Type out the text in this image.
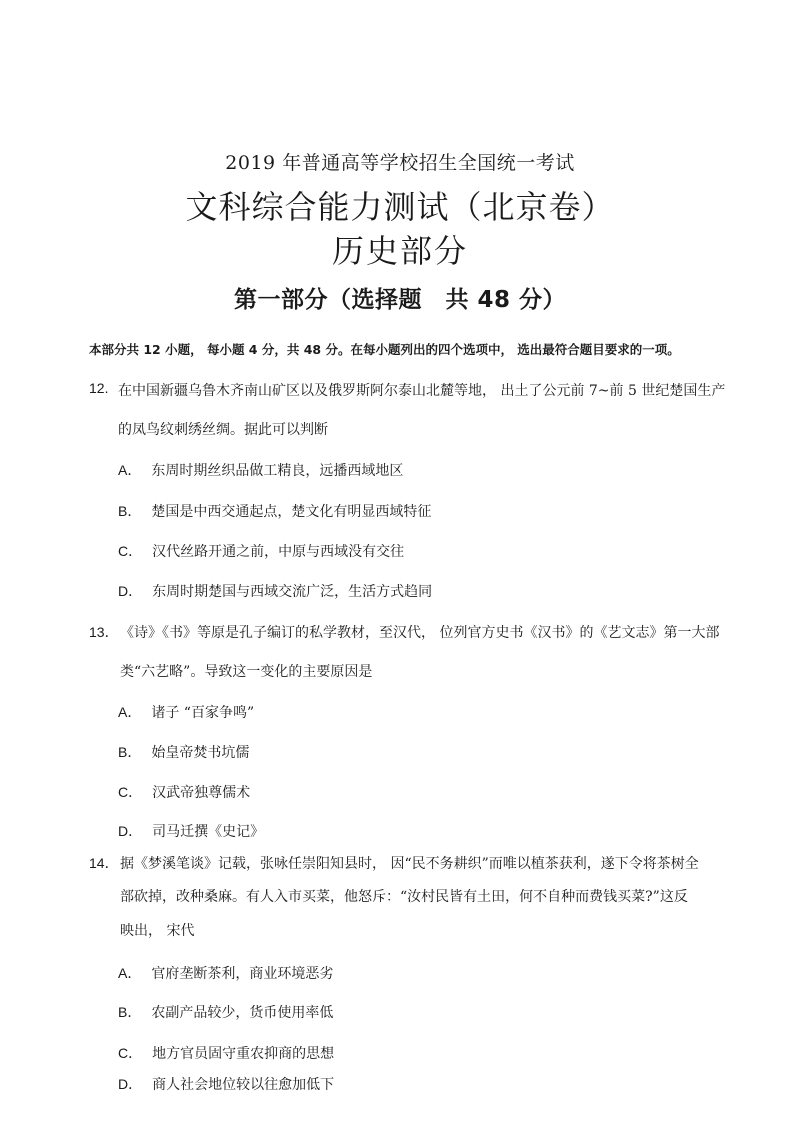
2019 年普通高等学校招生全国统一考试
文科综合能力测试（北京卷）
历史部分
第一部分（选择题　共 48 分）
本部分共 12 小题， 每小题 4 分，共 48 分。在每小题列出的四个选项中， 选出最符合题目要求的一项。
12. 在中国新疆乌鲁木齐南山矿区以及俄罗斯阿尔泰山北麓等地， 出土了公元前 7~前 5 世纪楚国生产
的凤鸟纹刺绣丝绸。据此可以判断
A． 东周时期丝织品做工精良，远播西域地区
B． 楚国是中西交通起点，楚文化有明显西域特征
C． 汉代丝路开通之前，中原与西域没有交往
D． 东周时期楚国与西域交流广泛，生活方式趋同
13． 《诗》《书》等原是孔子编订的私学教材，至汉代， 位列官方史书《汉书》的《艺文志》第一大部
类“六艺略”。导致这一变化的主要原因是
A． 诸子 “百家争鸣”
B． 始皇帝焚书坑儒
C． 汉武帝独尊儒术
D． 司马迁撰《史记》
14． 据《梦溪笔谈》记载，张咏任崇阳知县时， 因“民不务耕织”而唯以植茶获利，遂下令将茶树全
部砍掉，改种桑麻。有人入市买菜，他怒斥：“汝村民皆有土田，何不自种而费钱买菜?”这反
映出， 宋代
A． 官府垄断茶利，商业环境恶劣
B． 农副产品较少，货币使用率低
C． 地方官员固守重农抑商的思想
D． 商人社会地位较以往愈加低下
